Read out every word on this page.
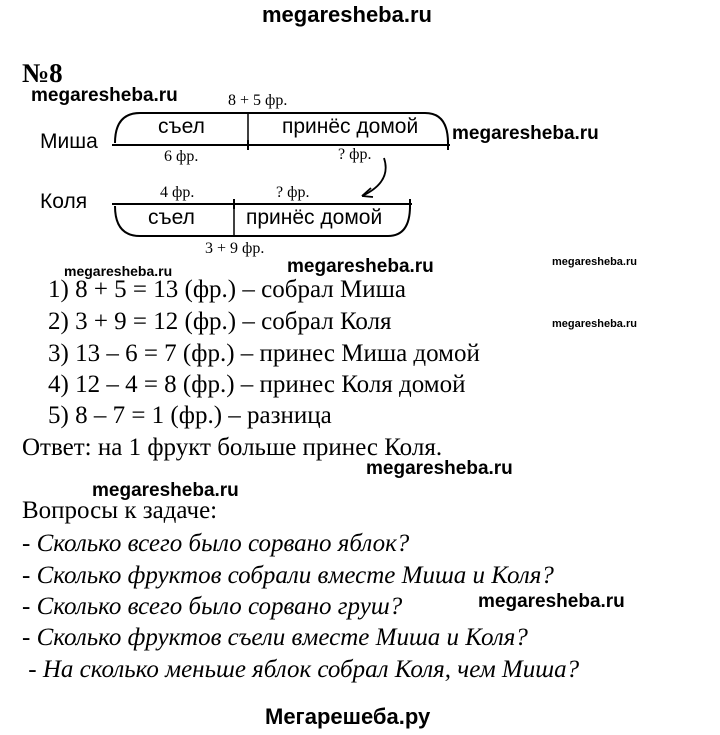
megaresheba.ru
№8
megaresheba.ru	8 + 5 фр.
Миша
съел	принёс домой megaresheba.ru
6 фр.	? фр.
4 фр.	? фр.
Коля
съел принёс домой
3 + 9 фр.
megaresheba.ru	megaresheba.ru	megaresheba.ru
megaresheba.ru
1) 8 + 5 = 13 (фр.) – собрал Миша
2) 3 + 9 = 12 (фр.) – собрал Коля
3) 13 – 6 = 7 (фр.) – принес Миша домой
4) 12 – 4 = 8 (фр.) – принес Коля домой
5) 8 – 7 = 1 (фр.) – разница
Ответ: на 1 фрукт больше принес Коля.
megaresheba.ru
megaresheba.ru
Вопросы к задаче:
- Сколько всего было сорвано яблок?
- Сколько фруктов собрали вместе Миша и Коля?
- Сколько всего было сорвано груш?	megaresheba.ru
- Сколько фруктов съели вместе Миша и Коля?
- На сколько меньше яблок собрал Коля, чем Миша?
Мегарешеба.ру
